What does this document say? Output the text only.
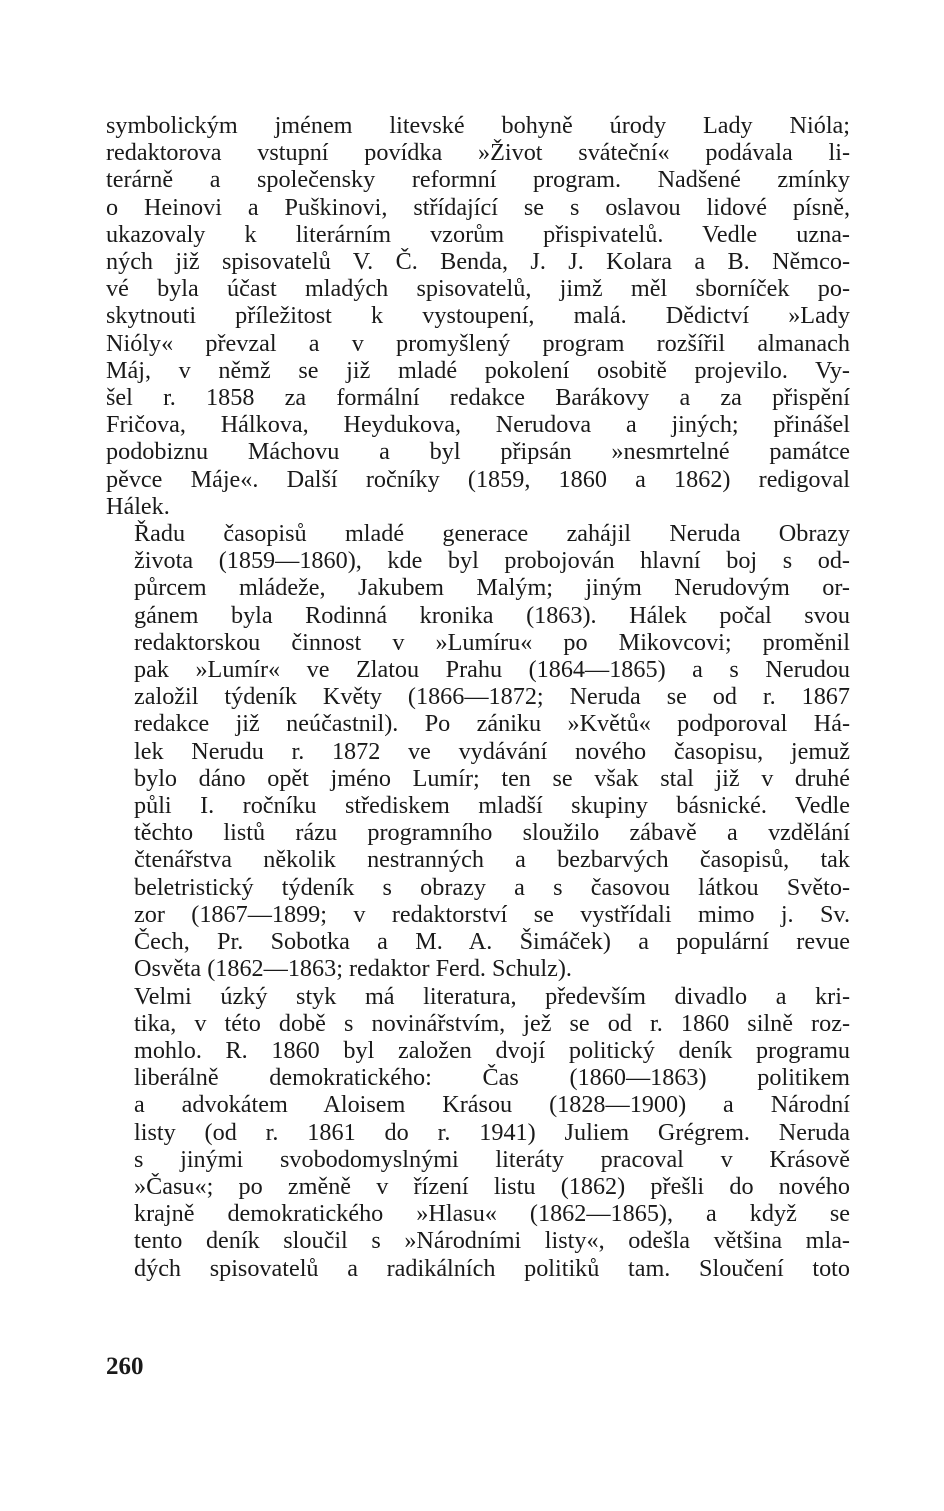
symbolickým jménem litevské bohyně úrody Lady Nióla;
redaktorova vstupní povídka »Život sváteční« podávala li-
terárně a společensky reformní program. Nadšené zmínky
o Heinovi a Puškinovi, střídající se s oslavou lidové písně,
ukazovaly k literárním vzorům přispivatelů. Vedle uzna-
ných již spisovatelů V. Č. Benda, J. J. Kolara a B. Němco-
vé byla účast mladých spisovatelů, jimž měl sborníček po-
skytnouti příležitost k vystoupení, malá. Dědictví »Lady
Nióly« převzal a v promyšlený program rozšířil almanach
Máj, v němž se již mladé pokolení osobitě projevilo. Vy-
šel r. 1858 za formální redakce Barákovy a za přispění
Fričova, Hálkova, Heydukova, Nerudova a jiných; přinášel
podobiznu Máchovu a byl připsán »nesmrtelné památce
pěvce Máje«. Další ročníky (1859, 1860 a 1862) redigoval
Hálek.

Řadu časopisů mladé generace zahájil Neruda Obrazy
života (1859—1860), kde byl probojován hlavní boj s od-
půrcem mládeže, Jakubem Malým; jiným Nerudovým or-
gánem byla Rodinná kronika (1863). Hálek počal svou
redaktorskou činnost v »Lumíru« po Mikovcovi; proměnil
pak »Lumír« ve Zlatou Prahu (1864—1865) a s Nerudou
založil týdeník Květy (1866—1872; Neruda se od r. 1867
redakce již neúčastnil). Po zániku »Květů« podporoval Há-
lek Nerudu r. 1872 ve vydávání nového časopisu, jemuž
bylo dáno opět jméno Lumír; ten se však stal již v druhé
půli I. ročníku střediskem mladší skupiny básnické. Vedle
těchto listů rázu programního sloužilo zábavě a vzdělání
čtenářstva několik nestranných a bezbarvých časopisů, tak
beletristický týdeník s obrazy a s časovou látkou Světo-
zor (1867—1899; v redaktorství se vystřídali mimo j. Sv.
Čech, Pr. Sobotka a M. A. Šimáček) a populární revue
Osvěta (1862—1863; redaktor Ferd. Schulz).

Velmi úzký styk má literatura, především divadlo a kri-
tika, v této době s novinářstvím, jež se od r. 1860 silně roz-
mohlo. R. 1860 byl založen dvojí politický deník programu
liberálně demokratického: Čas (1860—1863) politikem
a advokátem Aloisem Krásou (1828—1900) a Národní
listy (od r. 1861 do r. 1941) Juliem Grégrem. Neruda
s jinými svobodomyslnými literáty pracoval v Krásově
»Času«; po změně v řízení listu (1862) přešli do nového
krajně demokratického »Hlasu« (1862—1865), a když se
tento deník sloučil s »Národními listy«, odešla většina mla-
dých spisovatelů a radikálních politiků tam. Sloučení toto

260
